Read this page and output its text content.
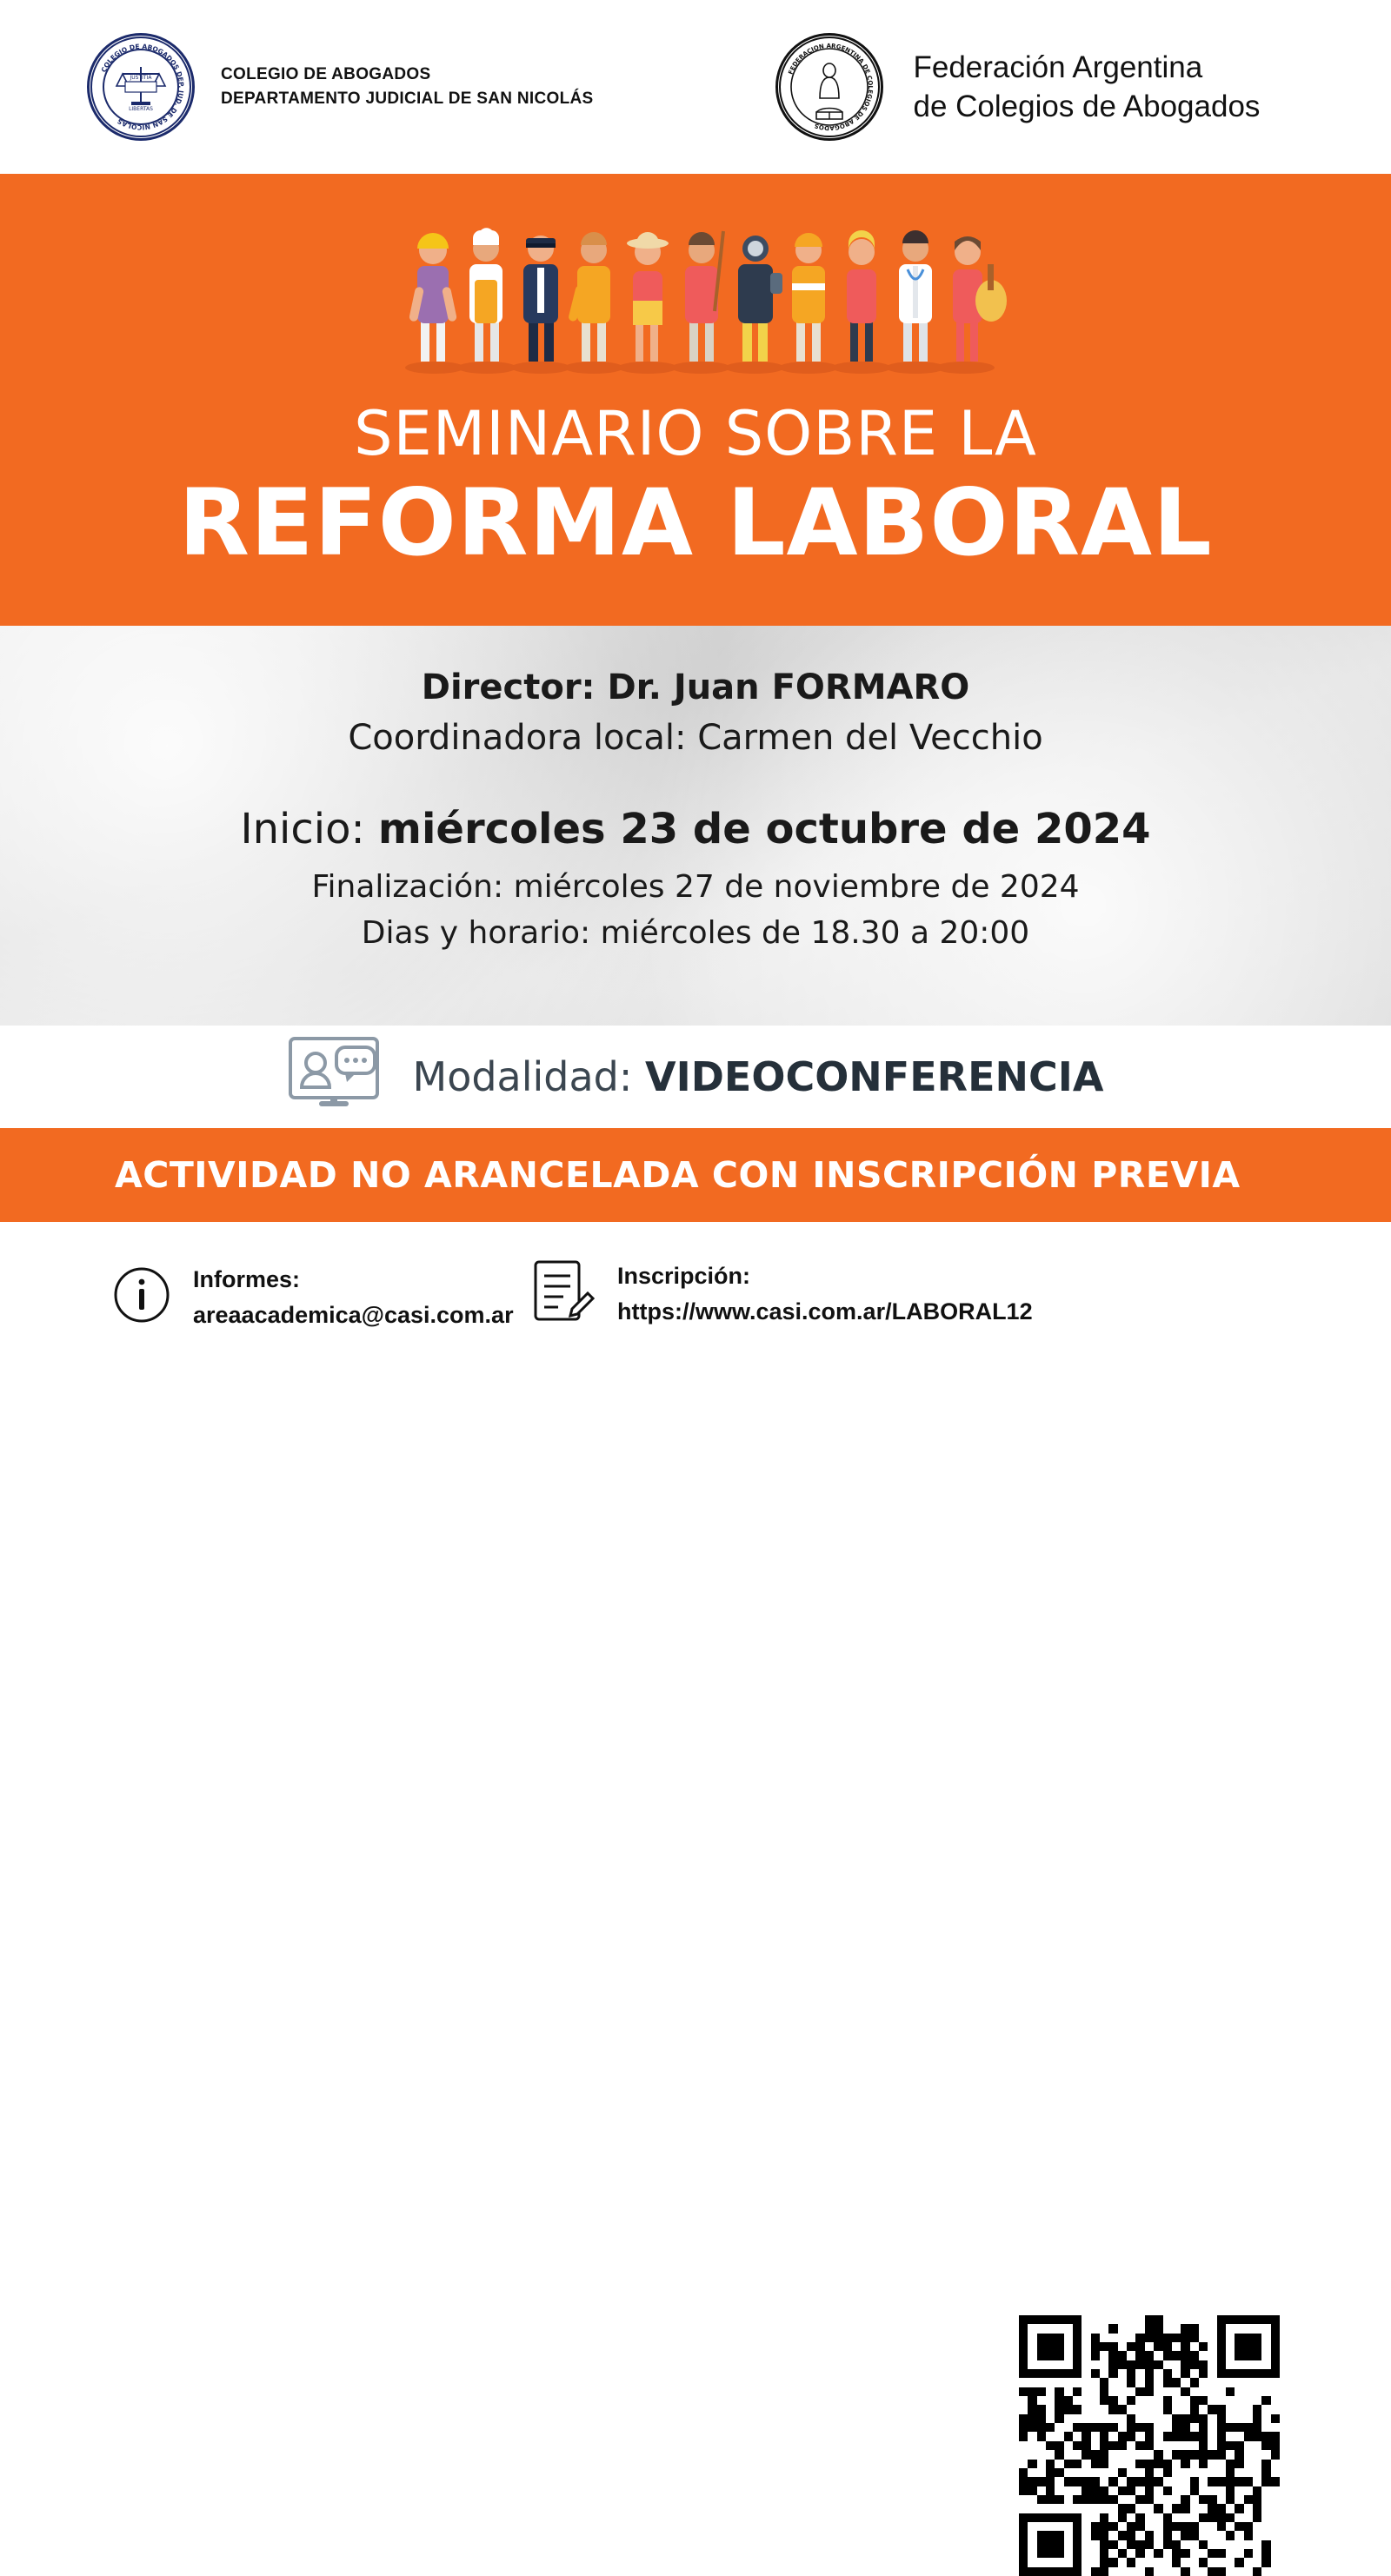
COLEGIO DE ABOGADOS DEP. JUD. DE SAN NICOLAS
JUSTITIA
LIBERTAS
COLEGIO DE ABOGADOS
DEPARTAMENTO JUDICIAL DE SAN NICOLÁS
FEDERACION ARGENTINA DE COLEGIOS DE ABOGADOS
Federación Argentina
de Colegios de Abogados
SEMINARIO SOBRE LA
REFORMA LABORAL
Director: Dr. Juan FORMARO
Coordinadora local: Carmen del Vecchio
Inicio: miércoles 23 de octubre de 2024
Finalización: miércoles 27 de noviembre de 2024
Dias y horario: miércoles de 18.30 a 20:00
Modalidad: VIDEOCONFERENCIA
ACTIVIDAD NO ARANCELADA CON INSCRIPCIÓN PREVIA
Informes:
areaacademica@casi.com.ar
Inscripción:
https://www.casi.com.ar/LABORAL12
